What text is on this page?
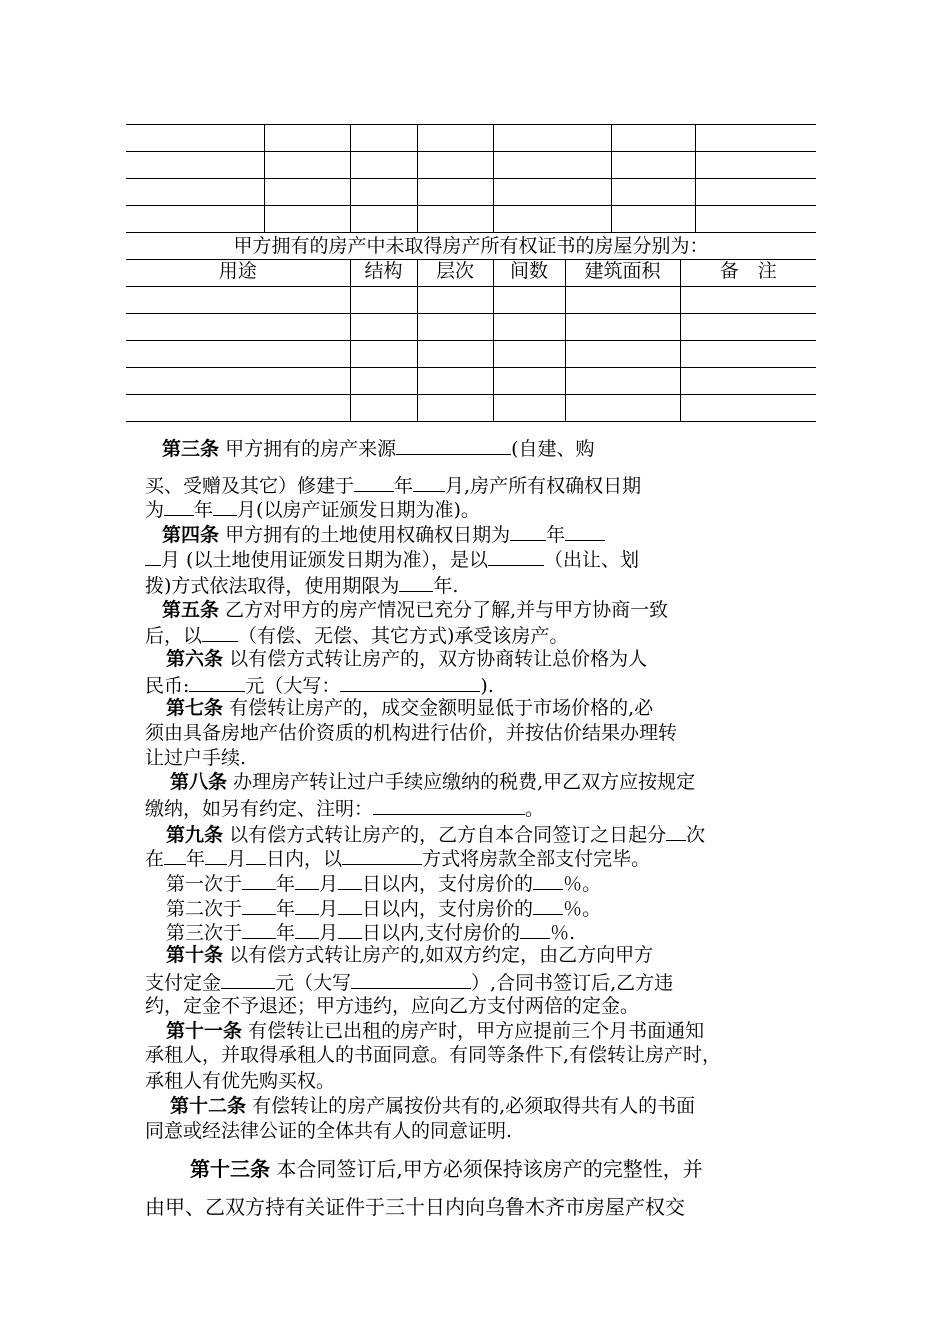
甲方拥有的房产中未取得房产所有权证书的房屋分别为：
用途	结构	层次	间数	建筑面积	备　注

第三条 甲方拥有的房产来源	(自建、购
买、受赠及其它）修建于 年 月,房产所有权确权日期
为 年 月(以房产证颁发日期为准)。
第四条 甲方拥有的土地使用权确权日期为 年
月 (以土地使用证颁发日期为准），是以	（出让、划
拨)方式依法取得，使用期限为 年.
第五条 乙方对甲方的房产情况已充分了解,并与甲方协商一致
后，以 （有偿、无偿、其它方式)承受该房产。
第六条 以有偿方式转让房产的，双方协商转让总价格为人
民币:	元（大写：	).
第七条 有偿转让房产的，成交金额明显低于市场价格的,必
须由具备房地产估价资质的机构进行估价，并按估价结果办理转
让过户手续.
第八条 办理房产转让过户手续应缴纳的税费,甲乙双方应按规定
缴纳，如另有约定、注明：	。
第九条 以有偿方式转让房产的，乙方自本合同签订之日起分 次
在 年 月 日内，以	方式将房款全部支付完毕。
第一次于 年 月 日以内，支付房价的 ％。
第二次于 年 月 日以内，支付房价的 ％。
第三次于 年 月 日以内,支付房价的 ％.
第十条 以有偿方式转让房产的,如双方约定，由乙方向甲方
支付定金	元（大写	）,合同书签订后,乙方违
约，定金不予退还；甲方违约，应向乙方支付两倍的定金。
第十一条 有偿转让已出租的房产时，甲方应提前三个月书面通知
承租人，并取得承租人的书面同意。有同等条件下,有偿转让房产时，
承租人有优先购买权。
第十二条 有偿转让的房产属按份共有的,必须取得共有人的书面
同意或经法律公证的全体共有人的同意证明.
第十三条 本合同签订后,甲方必须保持该房产的完整性，并
由甲、乙双方持有关证件于三十日内向乌鲁木齐市房屋产权交
